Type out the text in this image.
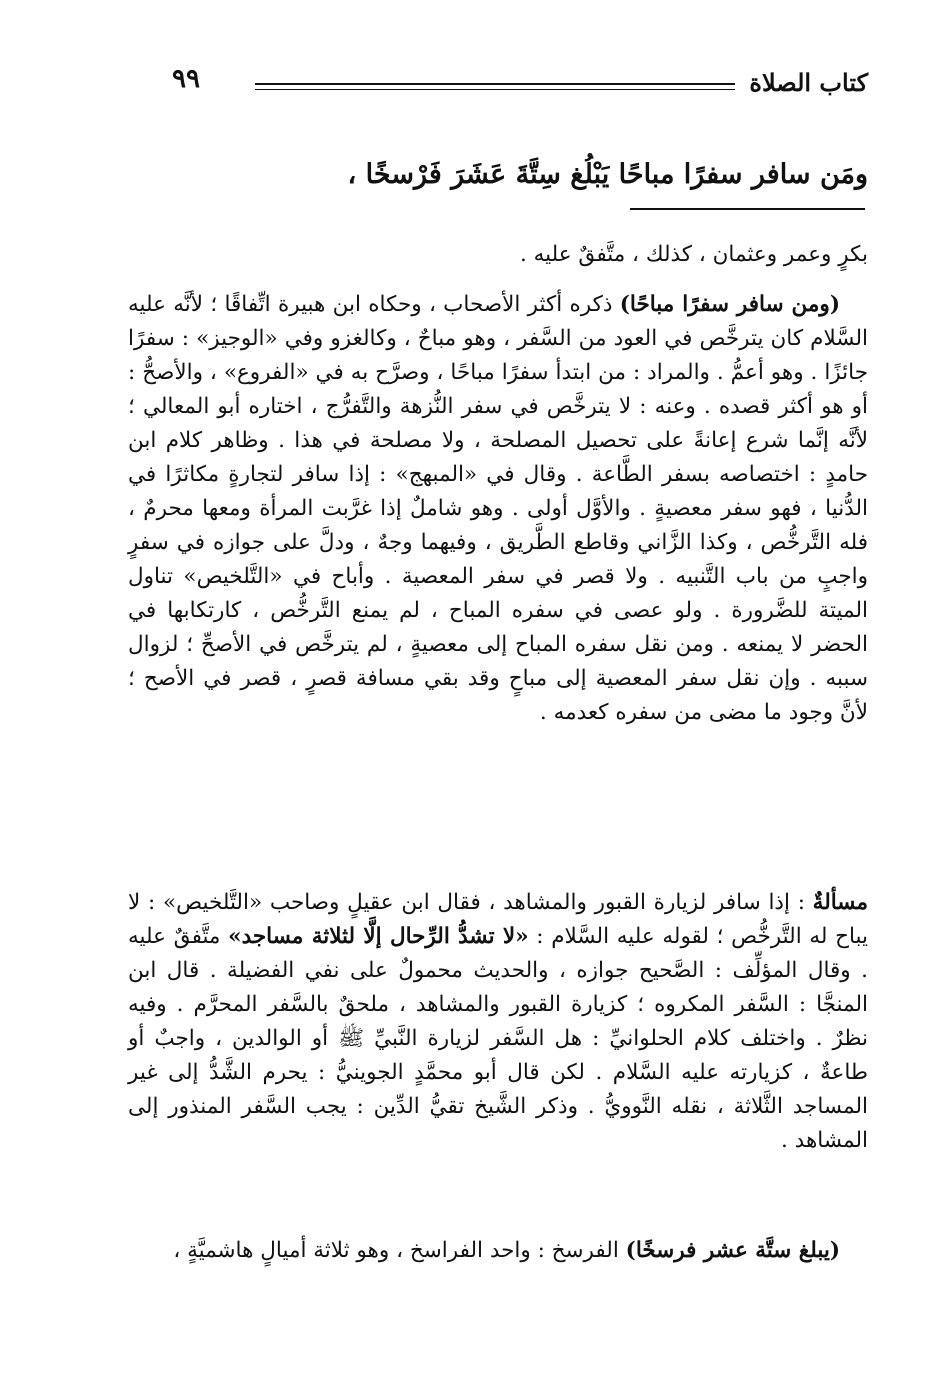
كتاب الصلاة
٩٩
ومَن سافر سفرًا مباحًا يَبْلُغ سِتَّةَ عَشَرَ فَرْسخًا ،
بكرٍ وعمر وعثمان ، كذلك ، متَّفقٌ عليه .
(ومن سافر سفرًا مباحًا) ذكره أكثر الأصحاب ، وحكاه ابن هبيرة اتِّفاقًا ؛ لأنَّه عليه السَّلام كان يترخَّص في العود من السَّفر ، وهو مباحٌ ، وكالغزو وفي «الوجيز» : سفرًا جائزًا . وهو أعمُّ . والمراد : من ابتدأ سفرًا مباحًا ، وصرَّح به في «الفروع» ، والأصحُّ : أو هو أكثر قصده . وعنه : لا يترخَّص في سفر النُّزهة والتَّفرُّج ، اختاره أبو المعالي ؛ لأنَّه إنَّما شرع إعانةً على تحصيل المصلحة ، ولا مصلحة في هذا . وظاهر كلام ابن حامدٍ : اختصاصه بسفر الطَّاعة . وقال في «المبهج» : إذا سافر لتجارةٍ مكاثرًا في الدُّنيا ، فهو سفر معصيةٍ . والأوَّل أولى . وهو شاملٌ إذا غرَّبت المرأة ومعها محرمٌ ، فله التَّرخُّص ، وكذا الزَّاني وقاطع الطَّريق ، وفيهما وجهٌ ، ودلَّ على جوازه في سفرٍ واجبٍ من باب التَّنبيه . ولا قصر في سفر المعصية . وأباح في «التَّلخيص» تناول الميتة للضَّرورة . ولو عصى في سفره المباح ، لم يمنع التَّرخُّص ، كارتكابها في الحضر لا يمنعه . ومن نقل سفره المباح إلى معصيةٍ ، لم يترخَّص في الأصحِّ ؛ لزوال سببه . وإن نقل سفر المعصية إلى مباحٍ وقد بقي مسافة قصرٍ ، قصر في الأصح ؛ لأنَّ وجود ما مضى من سفره كعدمه .
مسألةٌ : إذا سافر لزيارة القبور والمشاهد ، فقال ابن عقيلٍ وصاحب «التَّلخيص» : لا يباح له التَّرخُّص ؛ لقوله عليه السَّلام : «لا تشدُّ الرِّحال إلَّا لثلاثة مساجد» متَّفقٌ عليه . وقال المؤلِّف : الصَّحيح جوازه ، والحديث محمولٌ على نفي الفضيلة . قال ابن المنجَّا : السَّفر المكروه ؛ كزيارة القبور والمشاهد ، ملحقٌ بالسَّفر المحرَّم . وفيه نظرٌ . واختلف كلام الحلوانيِّ : هل السَّفر لزيارة النَّبيِّ ﷺ أو الوالدين ، واجبٌ أو طاعةٌ ، كزيارته عليه السَّلام . لكن قال أبو محمَّدٍ الجوينيُّ : يحرم الشَّدُّ إلى غير المساجد الثَّلاثة ، نقله النَّوويُّ . وذكر الشَّيخ تقيُّ الدِّين : يجب السَّفر المنذور إلى المشاهد .
(يبلغ ستَّة عشر فرسخًا) الفرسخ : واحد الفراسخ ، وهو ثلاثة أميالٍ هاشميَّةٍ ،
